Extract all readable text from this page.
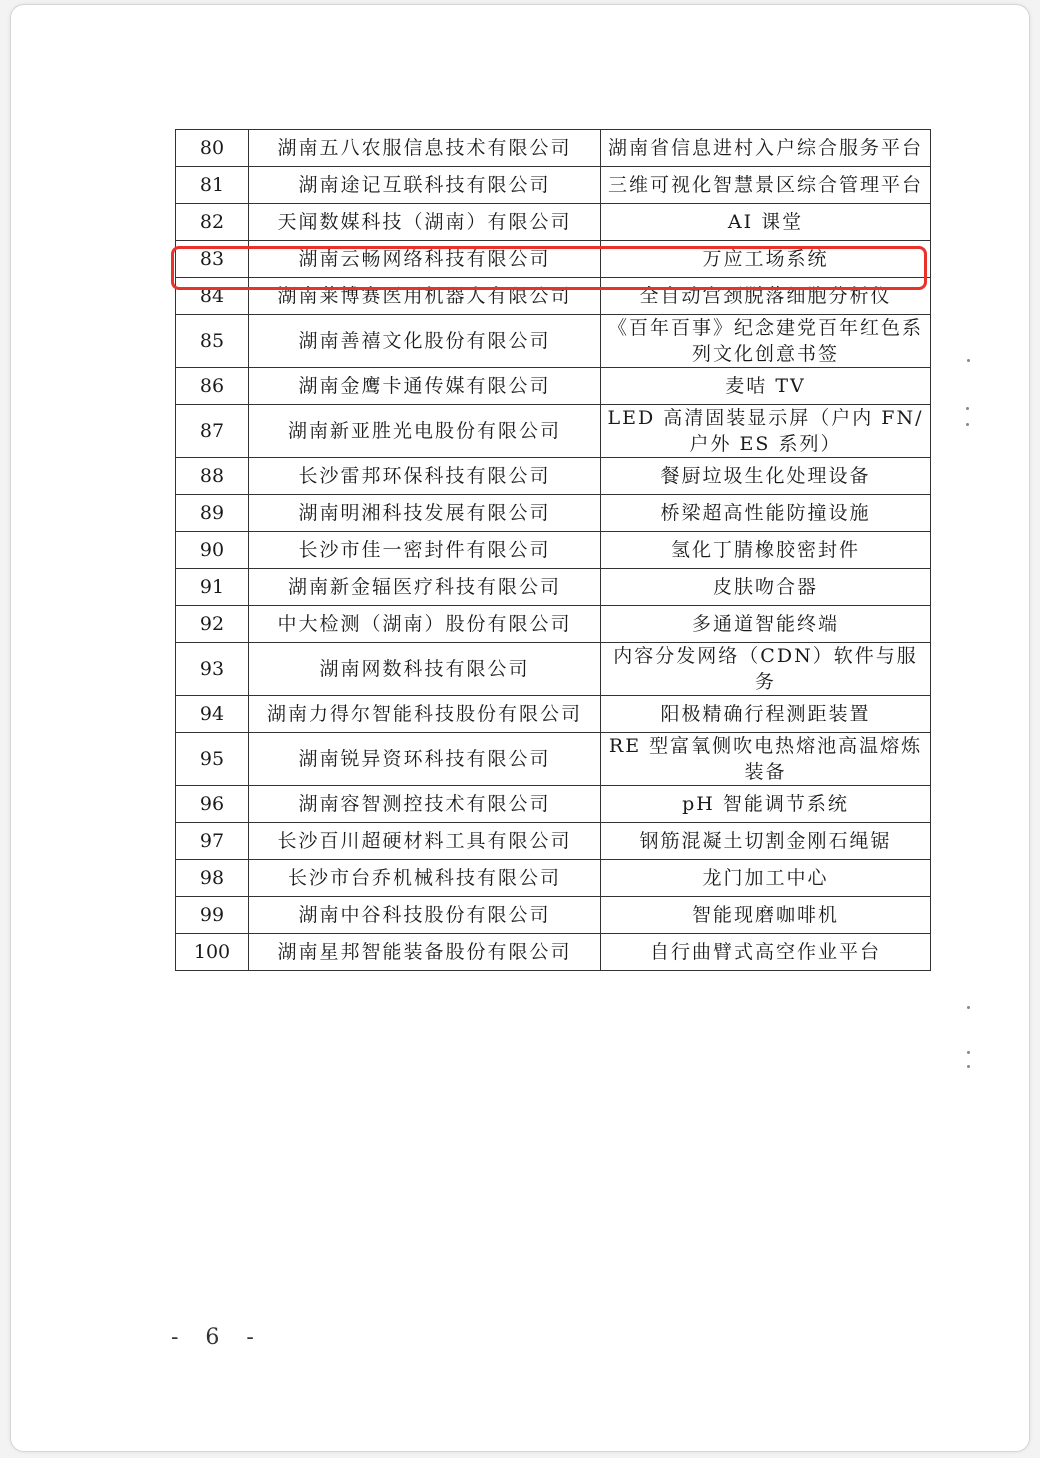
80	湖南五八农服信息技术有限公司	湖南省信息进村入户综合服务平台
81	湖南途记互联科技有限公司	三维可视化智慧景区综合管理平台
82	天闻数媒科技（湖南）有限公司	AI 课堂
83	湖南云畅网络科技有限公司	万应工场系统
84	湖南莱博赛医用机器人有限公司	全自动宫颈脱落细胞分析仪
85	湖南善禧文化股份有限公司	《百年百事》纪念建党百年红色系列文化创意书签
86	湖南金鹰卡通传媒有限公司	麦咭 TV
87	湖南新亚胜光电股份有限公司	LED 高清固装显示屏（户内 FN/户外 ES 系列）
88	长沙雷邦环保科技有限公司	餐厨垃圾生化处理设备
89	湖南明湘科技发展有限公司	桥梁超高性能防撞设施
90	长沙市佳一密封件有限公司	氢化丁腈橡胶密封件
91	湖南新金辐医疗科技有限公司	皮肤吻合器
92	中大检测（湖南）股份有限公司	多通道智能终端
93	湖南网数科技有限公司	内容分发网络（CDN）软件与服务
94	湖南力得尔智能科技股份有限公司	阳极精确行程测距装置
95	湖南锐异资环科技有限公司	RE 型富氧侧吹电热熔池高温熔炼装备
96	湖南容智测控技术有限公司	pH 智能调节系统
97	长沙百川超硬材料工具有限公司	钢筋混凝土切割金刚石绳锯
98	长沙市台乔机械科技有限公司	龙门加工中心
99	湖南中谷科技股份有限公司	智能现磨咖啡机
100	湖南星邦智能装备股份有限公司	自行曲臂式高空作业平台
- 6 -
